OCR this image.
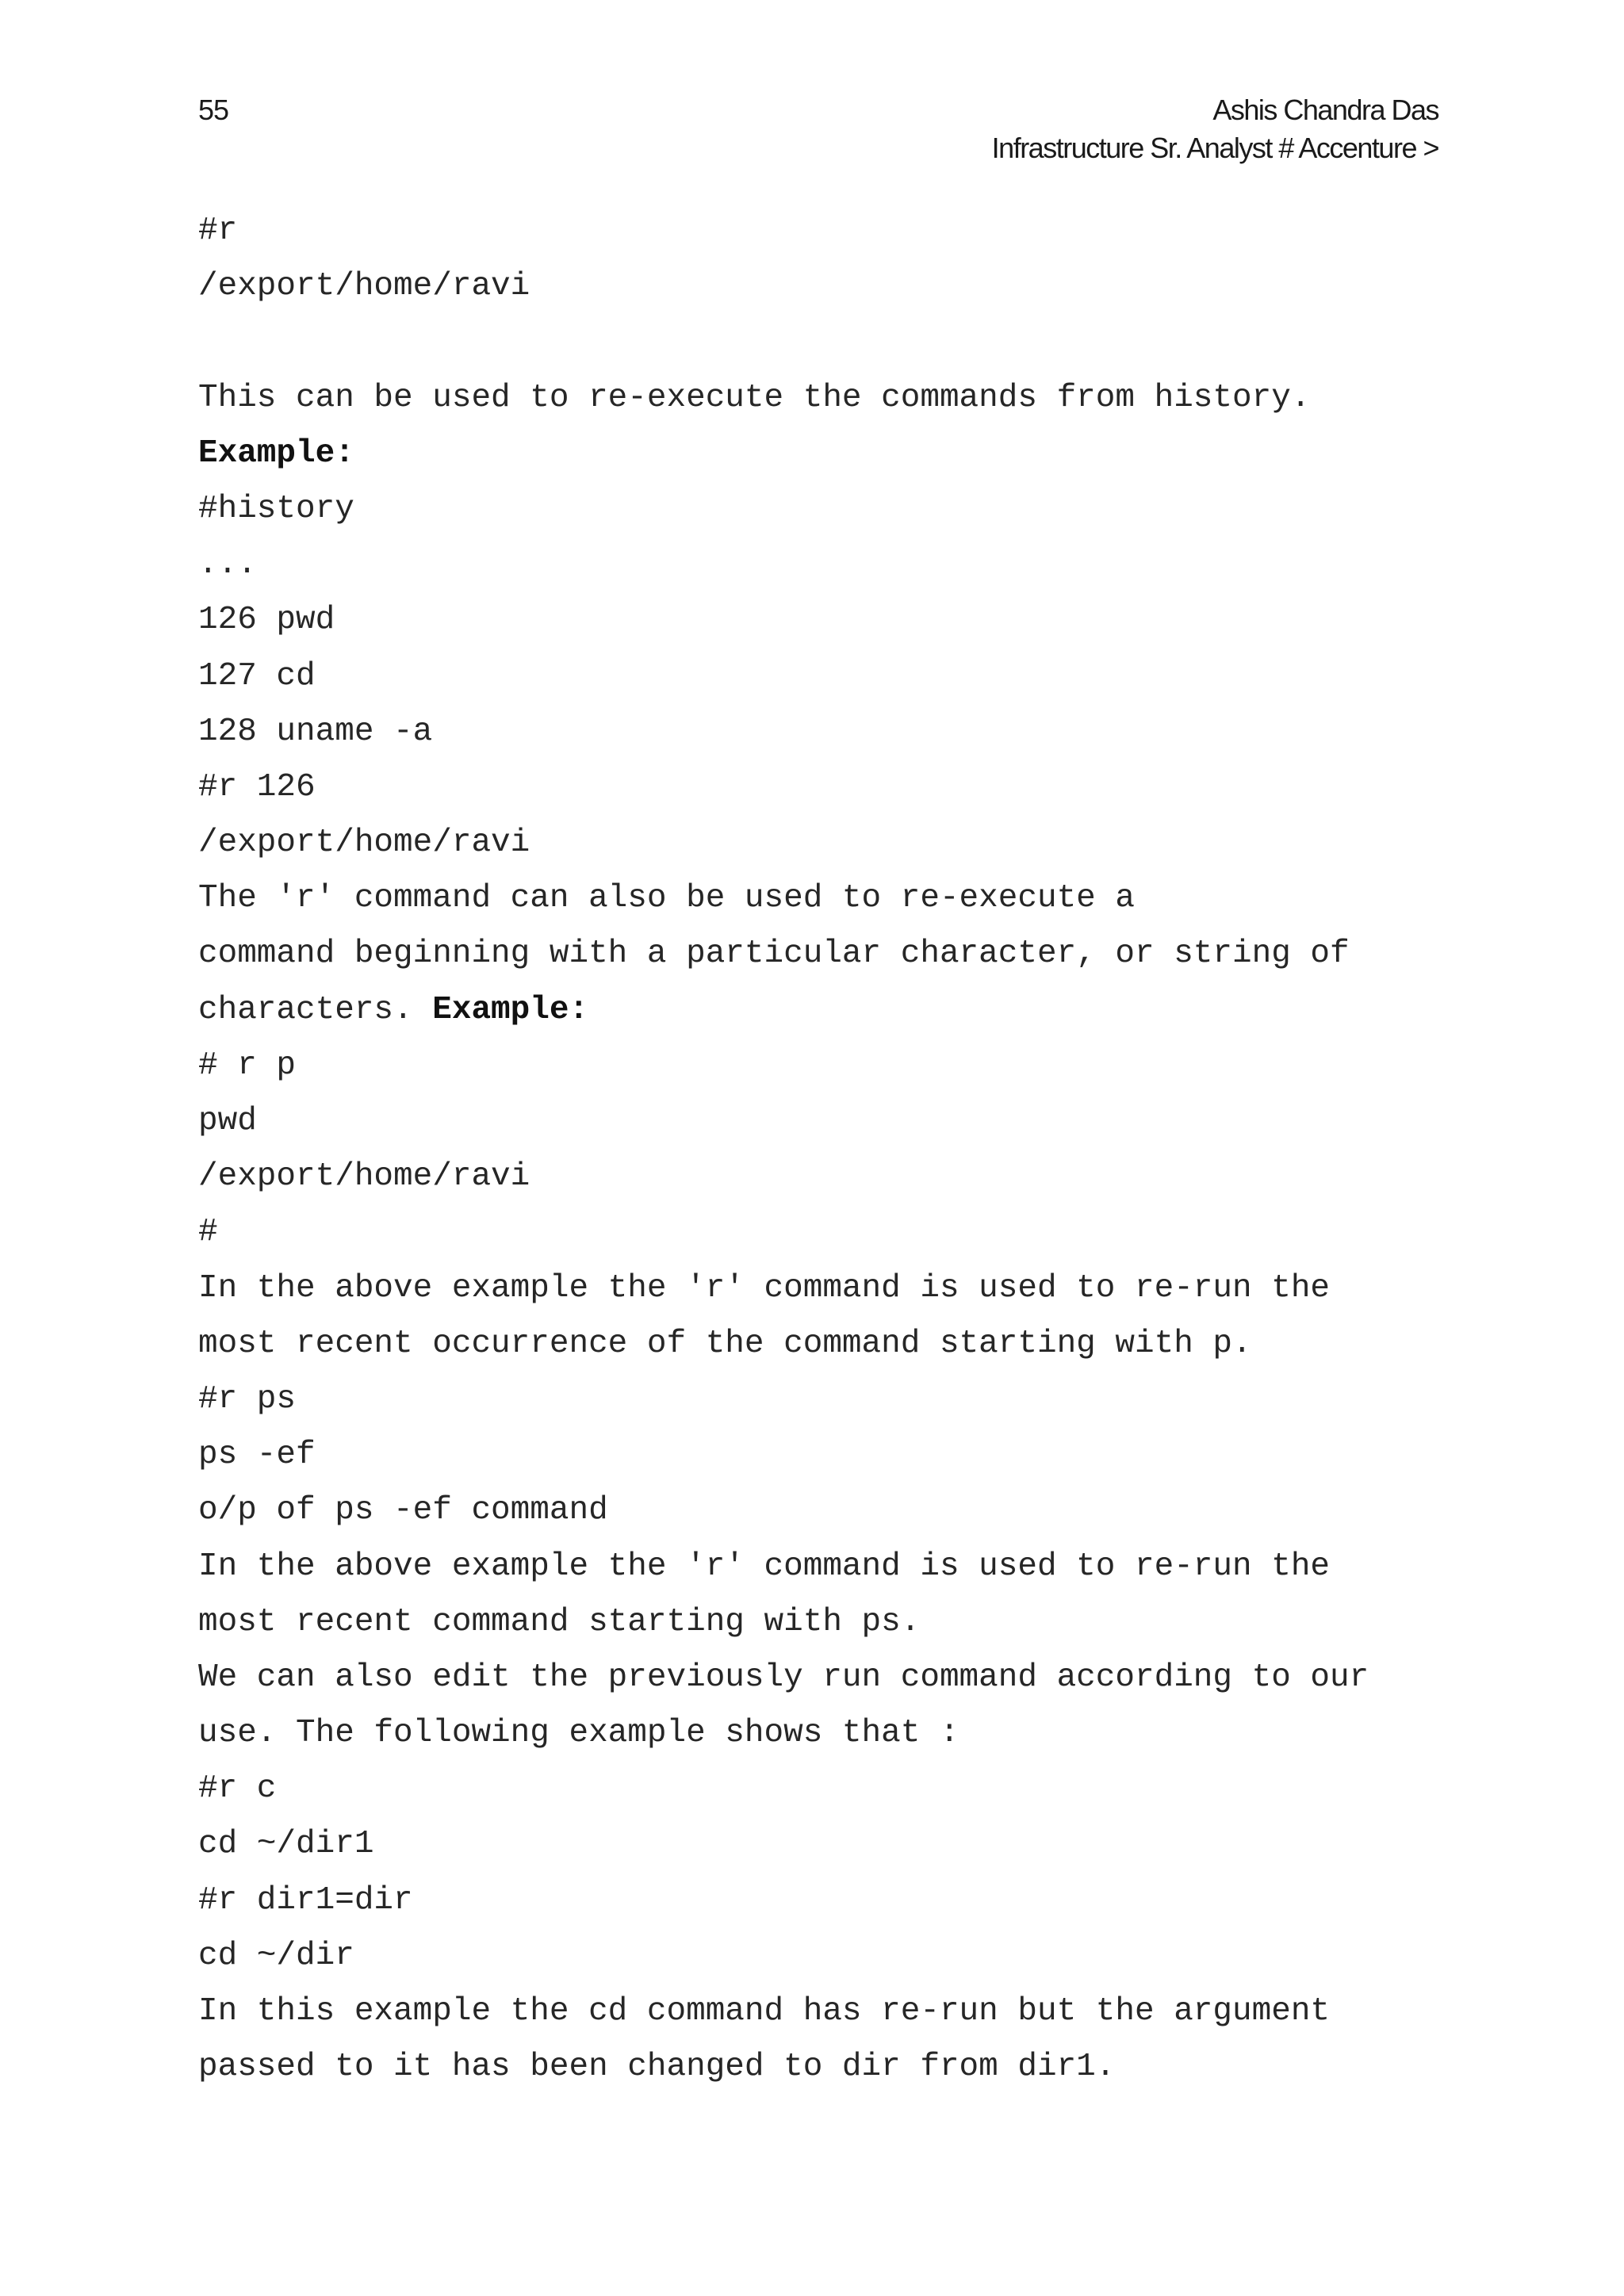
55	Ashis Chandra Das
Infrastructure Sr. Analyst # Accenture >
#r
/export/home/ravi
This can be used to re-execute the commands from history.
Example:
#history
...
126 pwd
127 cd
128 uname -a
#r 126
/export/home/ravi
The 'r' command can also be used to re-execute a
command beginning with a particular character, or string of
characters. Example:
# r p
pwd
/export/home/ravi
#
In the above example the 'r' command is used to re-run the
most recent occurrence of the command starting with p.
#r ps
ps -ef
o/p of ps -ef command
In the above example the 'r' command is used to re-run the
most recent command starting with ps.
We can also edit the previously run command according to our
use. The following example shows that :
#r c
cd ~/dir1
#r dir1=dir
cd ~/dir
In this example the cd command has re-run but the argument
passed to it has been changed to dir from dir1.
